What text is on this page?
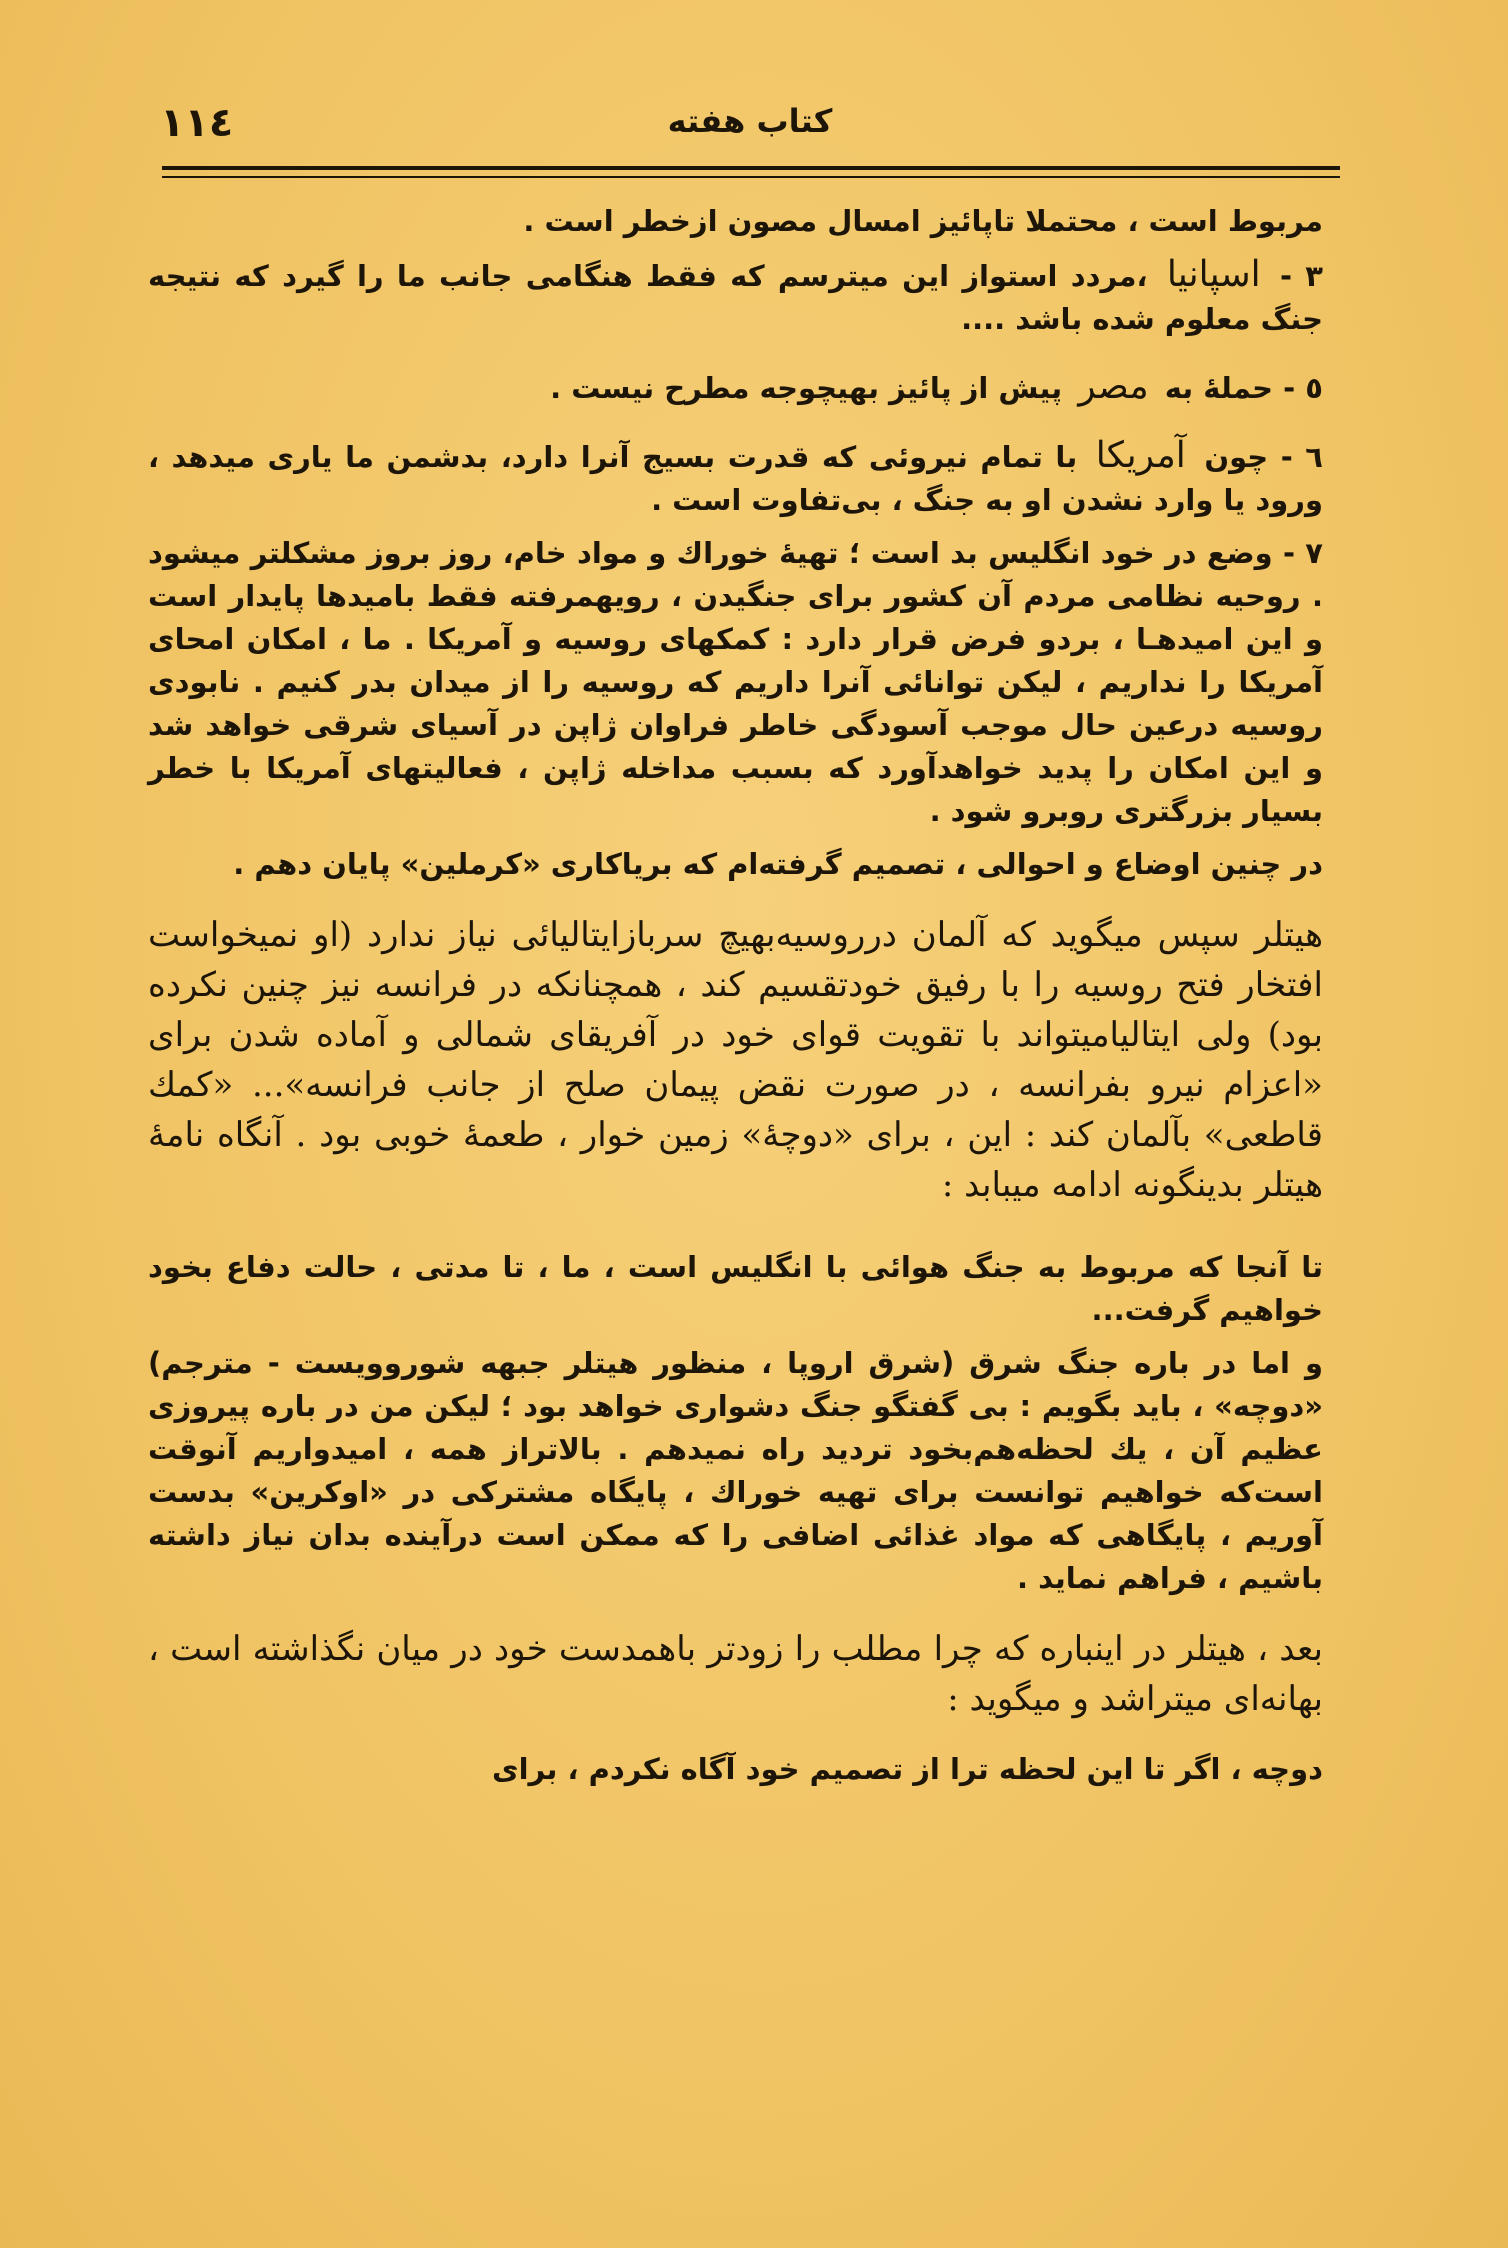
۱۱٤	کتاب هفته

مربوط است ، محتملا تاپائیز امسال مصون ازخطر است .

٣ - اسپانیا ،مردد استواز این میترسم که فقط هنگامی جانب ما را گیرد که نتیجه جنگ معلوم شده باشد ....

٥ - حملهٔ به مصر پیش از پائیز بهیچوجه مطرح نیست .

٦ - چون آمریکا با تمام نیروئی که قدرت بسیج آنرا دارد، بدشمن ما یاری میدهد ، ورود یا وارد نشدن او به جنگ ، بی‌تفاوت است .

٧ - وضع در خود انگلیس بد است ؛ تهیهٔ خوراك و مواد خام، روز بروز مشکلتر میشود . روحیه نظامی مردم آن کشور برای جنگیدن ، رویهمرفته فقط بامیدها پایدار است و این امیدهـا ، بردو فرض قرار دارد : کمکهای روسیه و آمریکا . ما ، امکان امحای آمریکا را نداریم ، لیکن توانائی آنرا داریم که روسیه را از میدان بدر کنیم . نابودی روسیه درعین حال موجب آسودگی خاطر فراوان ژاپن در آسیای شرقی خواهد شد و این امکان را پدید خواهدآورد که بسبب مداخله ژاپن ، فعالیتهای آمریکا با خطر بسیار بزرگتری روبرو شود .

در چنین اوضاع و احوالی ، تصمیم گرفته‌ام که بریاکاری «کرملین» پایان دهم .

هیتلر سپس میگوید که آلمان درروسیه‌بهیچ سربازایتالیائی نیاز ندارد (او نمیخواست افتخار فتح روسیه را با رفیق خودتقسیم کند ، همچنانکه در فرانسه نیز چنین نکرده بود) ولی ایتالیامیتواند با تقویت قوای خود در آفریقای شمالی و آماده شدن برای «اعزام نیرو بفرانسه ، در صورت نقض پیمان صلح از جانب فرانسه»... «کمك قاطعی» بآلمان کند : این ، برای «دوچهٔ» زمین خوار ، طعمهٔ خوبی بود . آنگاه نامهٔ هیتلر بدینگونه ادامه میبابد :

تا آنجا که مربوط به جنگ هوائی با انگلیس است ، ما ، تا مدتی ، حالت دفاع بخود خواهیم گرفت...

و اما در باره جنگ شرق (شرق اروپا ، منظور هیتلر جبهه شوروویست - مترجم) «دوچه» ، باید بگویم : بی گفتگو جنگ دشواری خواهد بود ؛ لیکن من در باره پیروزی عظیم آن ، یك لحظه‌هم‌بخود تردید راه نمیدهم . بالاتراز همه ، امیدواریم آنوقت است‌که خواهیم توانست برای تهیه خوراك ، پایگاه مشترکی در «اوکرین» بدست آوریم ، پایگاهی که مواد غذائی اضافی را که ممکن است درآینده بدان نیاز داشته باشیم ، فراهم نماید .

بعد ، هیتلر در اینباره که چرا مطلب را زودتر باهمدست خود در میان نگذاشته است ، بهانه‌ای میتراشد و میگوید :

دوچه ، اگر تا این لحظه ترا از تصمیم خود آگاه نکردم ، برای
